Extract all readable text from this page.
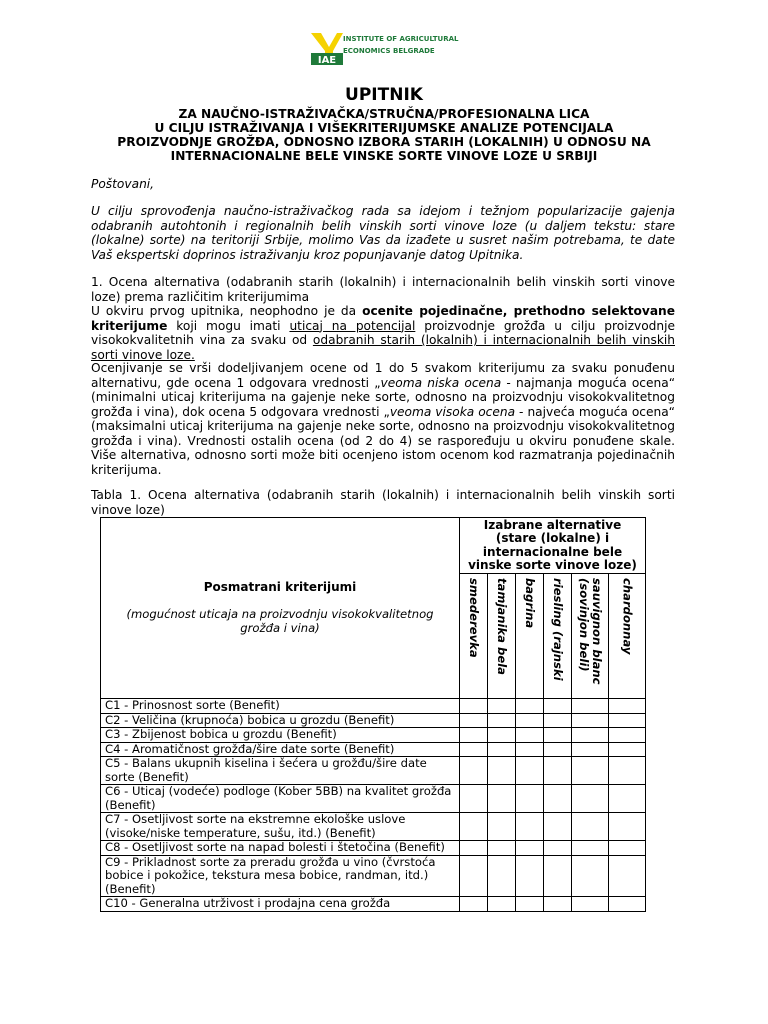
IAE
INSTITUTE OF AGRICULTURAL
ECONOMICS BELGRADE
UPITNIK
ZA NAUČNO-ISTRAŽIVAČKA/STRUČNA/PROFESIONALNA LICA
U CILJU ISTRAŽIVANJA I VIŠEKRITERIJUMSKE ANALIZE POTENCIJALA
PROIZVODNJE GROŽĐA, ODNOSNO IZBORA STARIH (LOKALNIH) U ODNOSU NA
INTERNACIONALNE BELE VINSKE SORTE VINOVE LOZE U SRBIJI
Poštovani,
U cilju sprovođenja naučno-istraživačkog rada sa idejom i težnjom popularizacije gajenja odabranih autohtonih i regionalnih belih vinskih sorti vinove loze (u daljem tekstu: stare (lokalne) sorte) na teritoriji Srbije, molimo Vas da izađete u susret našim potrebama, te date Vaš ekspertski doprinos istraživanju kroz popunjavanje datog Upitnika.
1. Ocena alternativa (odabranih starih (lokalnih) i internacionalnih belih vinskih sorti vinove loze) prema različitim kriterijumima
U okviru prvog upitnika, neophodno je da ocenite pojedinačne, prethodno selektovane kriterijume koji mogu imati uticaj na potencijal proizvodnje grožđa u cilju proizvodnje visokokvalitetnih vina za svaku od odabranih starih (lokalnih) i internacionalnih belih vinskih sorti vinove loze.
Ocenjivanje se vrši dodeljivanjem ocene od 1 do 5 svakom kriterijumu za svaku ponuđenu alternativu, gde ocena 1 odgovara vrednosti „veoma niska ocena - najmanja moguća ocena“ (minimalni uticaj kriterijuma na gajenje neke sorte, odnosno na proizvodnju visokokvalitetnog grožđa i vina), dok ocena 5 odgovara vrednosti „veoma visoka ocena - najveća moguća ocena“ (maksimalni uticaj kriterijuma na gajenje neke sorte, odnosno na proizvodnju visokokvalitetnog grožđa i vina). Vrednosti ostalih ocena (od 2 do 4) se raspoređuju u okviru ponuđene skale. Više alternativa, odnosno sorti može biti ocenjeno istom ocenom kod razmatranja pojedinačnih kriterijuma.
Tabla 1. Ocena alternativa (odabranih starih (lokalnih) i internacionalnih belih vinskih sorti vinove loze)
Posmatrani kriterijumi
(mogućnost uticaja na proizvodnju visokokvalitetnog grožđa i vina)	Izabrane alternative (stare (lokalne) i internacionalne bele vinske sorte vinove loze)					

	smederevka	tamjanika bela	bagrina	riesling (rajnski	sauvignon blanc
(sovinjon beli)	chardonnay

C1 - Prinosnost sorte (Benefit)						
C2 - Veličina (krupnoća) bobica u grozdu (Benefit)						
C3 - Zbijenost bobica u grozdu (Benefit)						
C4 - Aromatičnost grožđa/šire date sorte (Benefit)						
C5 - Balans ukupnih kiselina i šećera u grožđu/šire date sorte (Benefit)						
C6 - Uticaj (vodeće) podloge (Kober 5BB) na kvalitet grožđa (Benefit)						
C7 - Osetljivost sorte na ekstremne ekološke uslove (visoke/niske temperature, sušu, itd.) (Benefit)						
C8 - Osetljivost sorte na napad bolesti i štetočina (Benefit)						
C9 - Prikladnost sorte za preradu grožđa u vino (čvrstoća bobice i pokožice, tekstura mesa bobice, randman, itd.) (Benefit)						
C10 - Generalna utrživost i prodajna cena grožđa						
